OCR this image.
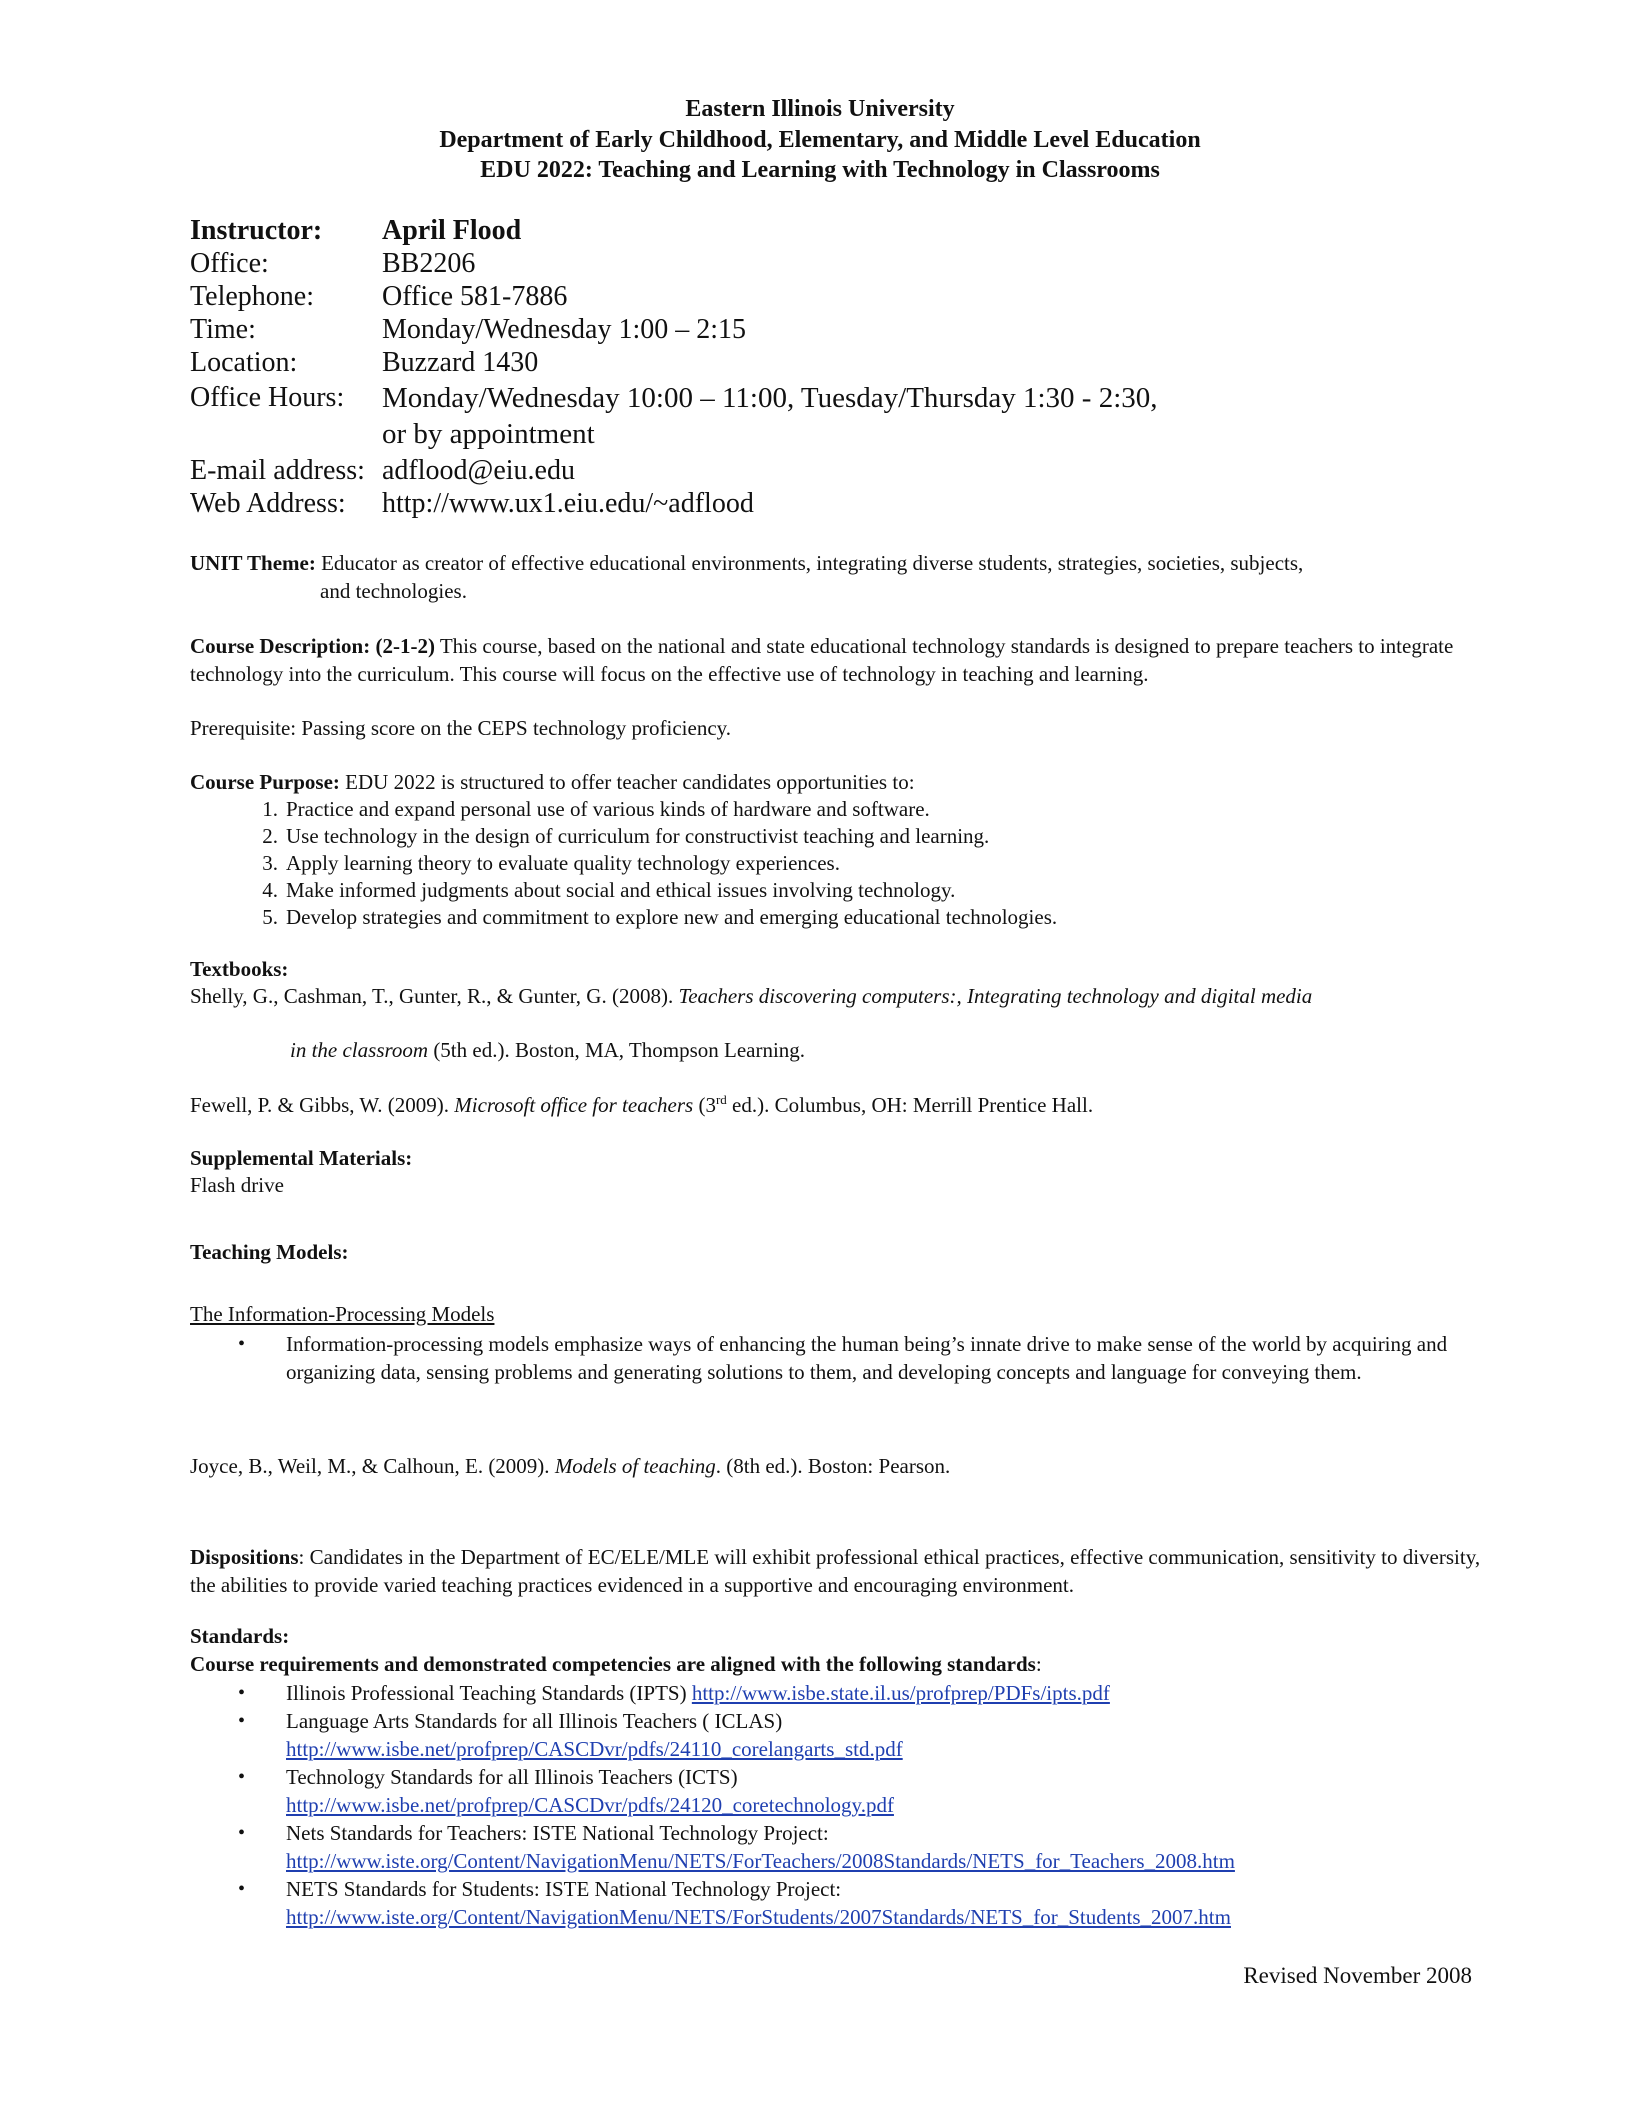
Eastern Illinois University
Department of Early Childhood, Elementary, and Middle Level Education
EDU 2022: Teaching and Learning with Technology in Classrooms
Instructor: April Flood
Office:	BB2206
Telephone: Office 581-7886
Time:	Monday/Wednesday 1:00 – 2:15
Location:	Buzzard 1430
Office Hours: Monday/Wednesday 10:00 – 11:00, Tuesday/Thursday 1:30 - 2:30,
or by appointment
E-mail address: adflood@eiu.edu
Web Address: http://www.ux1.eiu.edu/~adflood
UNIT Theme: Educator as creator of effective educational environments, integrating diverse students, strategies, societies, subjects,
and technologies.
Course Description: (2-1-2) This course, based on the national and state educational technology standards is designed to prepare teachers to integrate technology into the curriculum. This course will focus on the effective use of technology in teaching and learning.
Prerequisite: Passing score on the CEPS technology proficiency.
Course Purpose: EDU 2022 is structured to offer teacher candidates opportunities to:
1. Practice and expand personal use of various kinds of hardware and software.
2. Use technology in the design of curriculum for constructivist teaching and learning.
3. Apply learning theory to evaluate quality technology experiences.
4. Make informed judgments about social and ethical issues involving technology.
5. Develop strategies and commitment to explore new and emerging educational technologies.
Textbooks:
Shelly, G., Cashman, T., Gunter, R., & Gunter, G. (2008). Teachers discovering computers:, Integrating technology and digital media
in the classroom (5th ed.). Boston, MA, Thompson Learning.
Fewell, P. & Gibbs, W. (2009). Microsoft office for teachers (3rd ed.). Columbus, OH: Merrill Prentice Hall.
Supplemental Materials:
Flash drive
Teaching Models:
The Information-Processing Models
• Information-processing models emphasize ways of enhancing the human being’s innate drive to make sense of the world by acquiring and organizing data, sensing problems and generating solutions to them, and developing concepts and language for conveying them.
Joyce, B., Weil, M., & Calhoun, E. (2009). Models of teaching. (8th ed.). Boston: Pearson.
Dispositions: Candidates in the Department of EC/ELE/MLE will exhibit professional ethical practices, effective communication, sensitivity to diversity, the abilities to provide varied teaching practices evidenced in a supportive and encouraging environment.
Standards:
Course requirements and demonstrated competencies are aligned with the following standards:
• Illinois Professional Teaching Standards (IPTS) http://www.isbe.state.il.us/profprep/PDFs/ipts.pdf
• Language Arts Standards for all Illinois Teachers ( ICLAS)
http://www.isbe.net/profprep/CASCDvr/pdfs/24110_corelangarts_std.pdf
• Technology Standards for all Illinois Teachers (ICTS)
http://www.isbe.net/profprep/CASCDvr/pdfs/24120_coretechnology.pdf
• Nets Standards for Teachers: ISTE National Technology Project:
http://www.iste.org/Content/NavigationMenu/NETS/ForTeachers/2008Standards/NETS_for_Teachers_2008.htm
• NETS Standards for Students: ISTE National Technology Project:
http://www.iste.org/Content/NavigationMenu/NETS/ForStudents/2007Standards/NETS_for_Students_2007.htm
Revised November 2008
